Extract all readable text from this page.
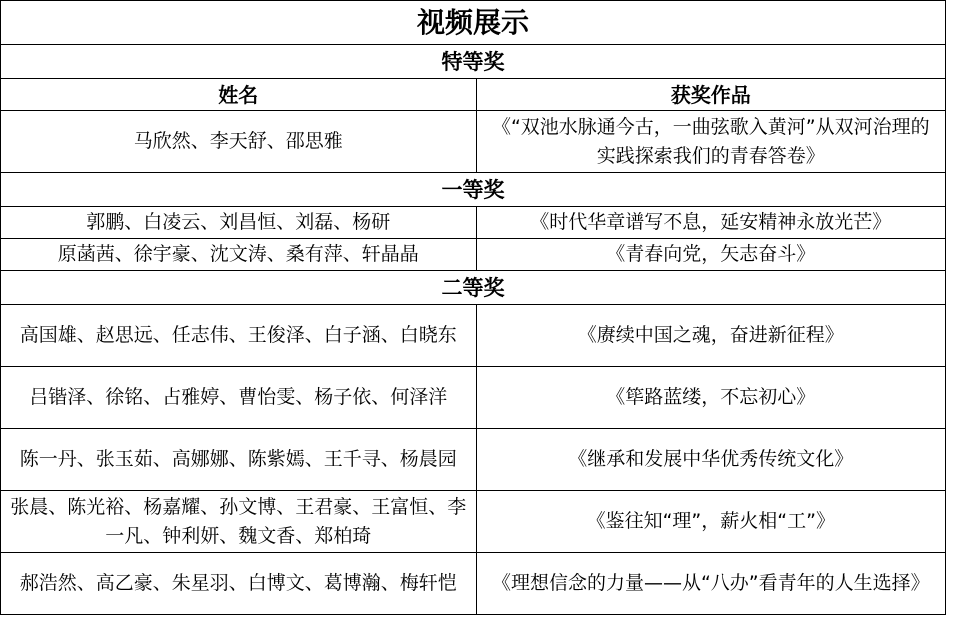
视频展示	
特等奖	
姓名	获奖作品
马欣然、李天舒、邵思雅	《“双池水脉通今古，一曲弦歌入黄河”从双河治理的实践探索我们的青春答卷》
一等奖	
郭鹏、白凌云、刘昌恒、刘磊、杨研	《时代华章谱写不息，延安精神永放光芒》
原菡茜、徐宇豪、沈文涛、桑有萍、轩晶晶	《青春向党，矢志奋斗》
二等奖	
高国雄、赵思远、任志伟、王俊泽、白子涵、白晓东	《赓续中国之魂，奋进新征程》
吕锴泽、徐铭、占雅婷、曹怡雯、杨子依、何泽洋	《筚路蓝缕，不忘初心》
陈一丹、张玉茹、高娜娜、陈紫嫣、王千寻、杨晨园	《继承和发展中华优秀传统文化》
张晨、陈光裕、杨嘉耀、孙文博、王君豪、王富恒、李一凡、钟利妍、魏文香、郑柏琦	《鉴往知“理”，薪火相“工”》
郝浩然、高乙豪、朱星羽、白博文、葛博瀚、梅轩恺	《理想信念的力量——从“八办”看青年的人生选择》
